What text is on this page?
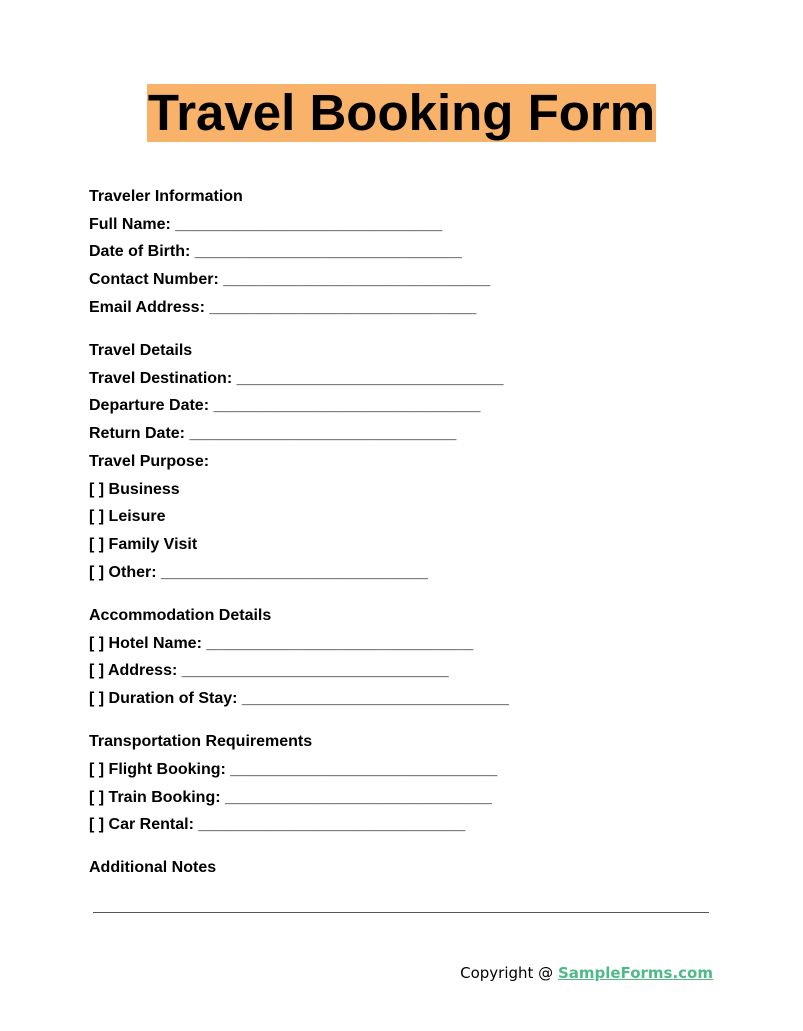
Travel Booking Form
Traveler Information
Full Name: ______________________________
Date of Birth: ______________________________
Contact Number: ______________________________
Email Address: ______________________________
Travel Details
Travel Destination: ______________________________
Departure Date: ______________________________
Return Date: ______________________________
Travel Purpose:
[ ] Business
[ ] Leisure
[ ] Family Visit
[ ] Other: ______________________________
Accommodation Details
[ ] Hotel Name: ______________________________
[ ] Address: ______________________________
[ ] Duration of Stay: ______________________________
Transportation Requirements
[ ] Flight Booking: ______________________________
[ ] Train Booking: ______________________________
[ ] Car Rental: ______________________________
Additional Notes
Copyright @ SampleForms.com
